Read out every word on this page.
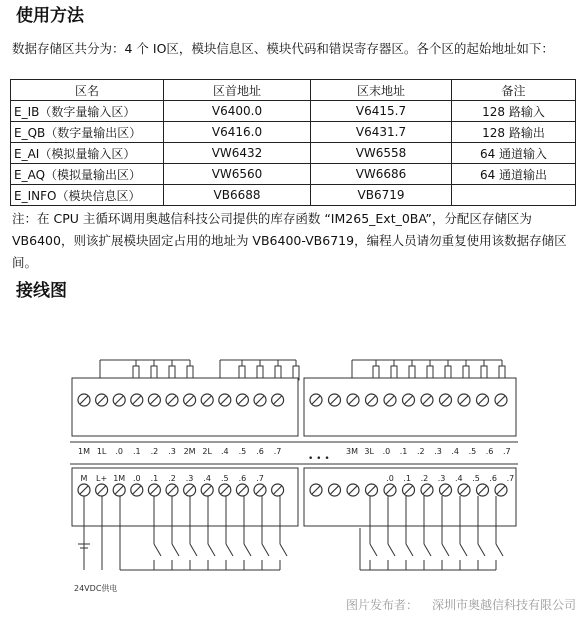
使用方法
数据存储区共分为：4 个 IO区，模块信息区、模块代码和错误寄存器区。各个区的起始地址如下：
区名	区首地址	区末地址	备注
E_IB（数字量输入区）	V6400.0	V6415.7	128 路输入
E_QB（数字量输出区）	V6416.0	V6431.7	128 路输出
E_AI（模拟量输入区）	VW6432	VW6558	64 通道输入
E_AQ（模拟量输出区）	VW6560	VW6686	64 通道输出
E_INFO（模块信息区）	VB6688	VB6719	
注：在 CPU 主循环调用奥越信科技公司提供的库存函数 “IM265_Ext_0BA”，分配区存储区为 VB6400，则该扩展模块固定占用的地址为 VB6400-VB6719，编程人员请勿重复使用该数据存储区间。
接线图
1M 1L .0 .1 .2 .3 2M 2L .4 .5 .6 .7	3M 3L .0 .1 .2 .3 .4 .5 .6 .7
M L+ 1M .0 .1 .2 .3 .4 .5 .6 .7	.0 .1 .2 .3 .4 .5 .6 .7
• • •
24VDC供电
图片发布者： 深圳市奥越信科技有限公司
